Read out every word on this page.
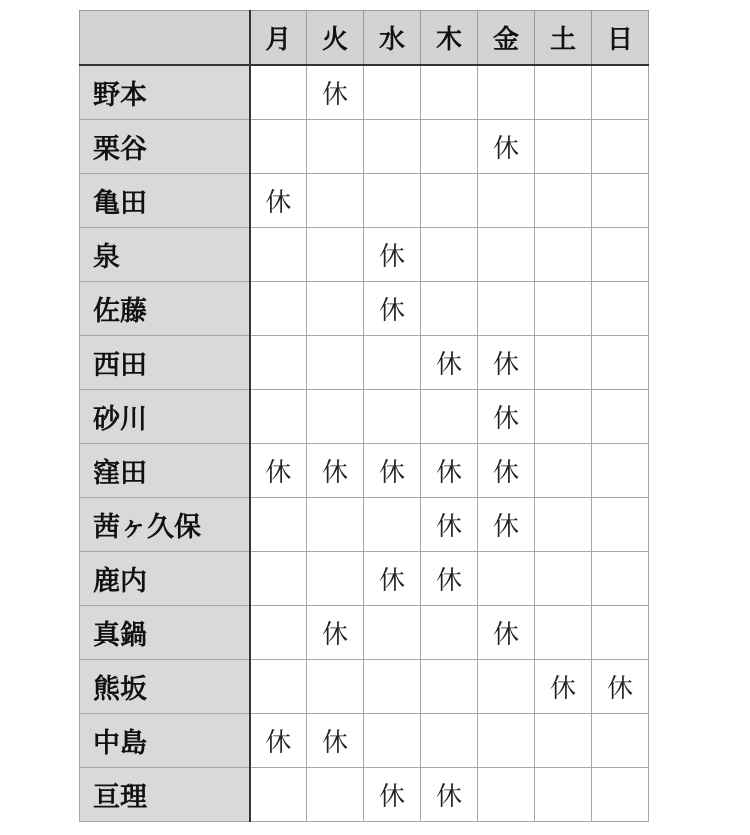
	月	火	水	木	金	土	日
野本		休					
栗谷					休		
亀田	休						
泉			休				
佐藤			休				
西田				休	休		
砂川					休		
窪田	休	休	休	休	休		
茜ヶ久保				休	休		
鹿内			休	休			
真鍋		休			休		
熊坂						休	休
中島	休	休					
亘理			休	休			
